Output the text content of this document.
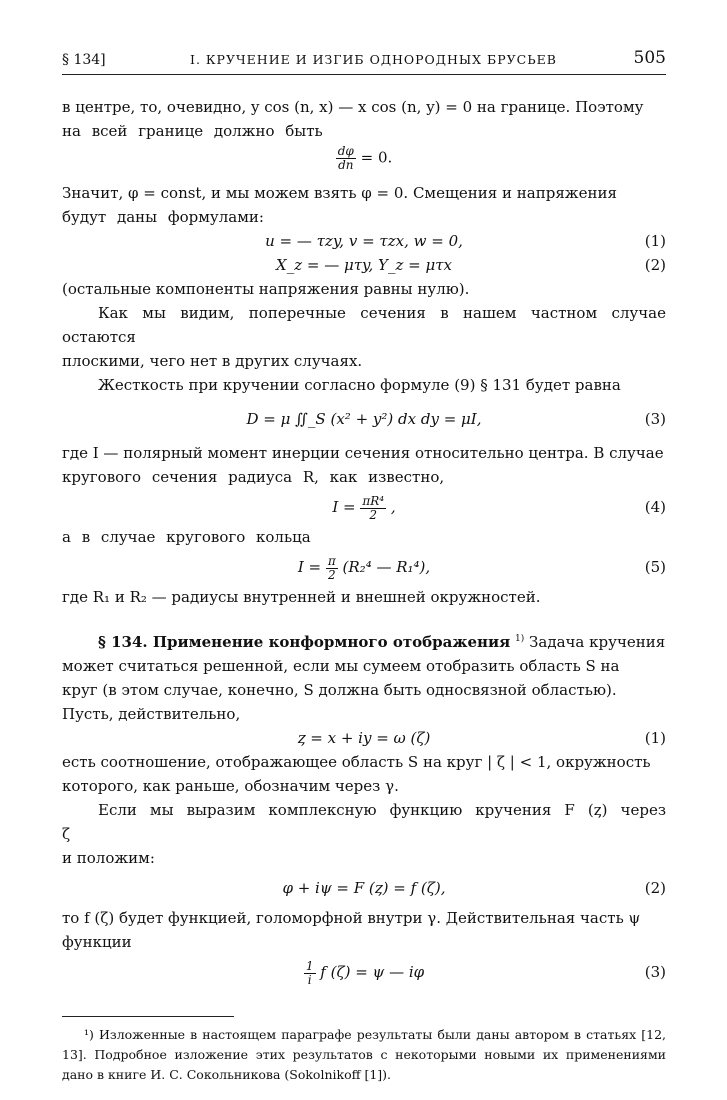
§ 134]	I. КРУЧЕНИЕ И ИЗГИБ ОДНОРОДНЫХ БРУСЬЕВ	505

в центре, то, очевидно, y cos (n, x) — x cos (n, y) = 0 на границе. Поэтому

на всей границе должно быть

$\frac{d\varphi}{dn} = 0$.

Значит, φ = const, и мы можем взять φ = 0. Смещения и напряжения

будут даны формулами:

u = — τzy, v = τzx, w = 0,	(1)
X_z = — μτy, Y_z = μτx	(2)

(остальные компоненты напряжения равны нулю).

Как мы видим, поперечные сечения в нашем частном случае остаются

плоскими, чего нет в других случаях.

Жесткость при кручении согласно формуле (9) § 131 будет равна

D = μ ∬_S (x² + y²) dx dy = μI,	(3)

где I — полярный момент инерции сечения относительно центра. В случае

кругового сечения радиуса R, как известно,

$I = \frac{\text{πR⁴}}{2}$ ,	(4)

а в случае кругового кольца

$I = \frac{\pi}{2} (R_2^4$ — R₁⁴),	(5)

где R₁ и R₂ — радиусы внутренней и внешней окружностей.

§ 134. Применение конформного отображения $^{1)}$ Задача кручения

может считаться решенной, если мы сумеем отобразить область S на

круг (в этом случае, конечно, S должна быть односвязной областью).

Пусть, действительно,

ȥ = x + iy = ω (ζ)	(1)

есть соотношение, отображающее область S на круг | ζ | < 1, окружность

которого, как раньше, обозначим через γ.

Если мы выразим комплексную функцию кручения F (ȥ) через ζ

и положим:

φ + iψ = F (ȥ) = f (ζ),	(2)

то f (ζ) будет функцией, голоморфной внутри γ. Действительная часть ψ

функции

$\frac{1}{i}$ f (ζ) = ψ — iφ	(3)

¹) Изложенные в настоящем параграфе результаты были даны автором в статьях [12, 13]. Подробное изложение этих результатов с некоторыми новыми их применениями дано в книге И. С. Сокольникова (Sokolnikoff [1]).
